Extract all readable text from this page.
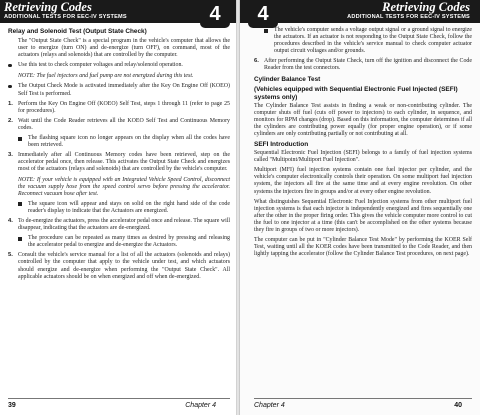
Retrieving Codes
ADDITIONAL TESTS FOR EEC-IV SYSTEMS	4
Relay and Solenoid Test (Output State Check)

The "Output State Check" is a special program in the vehicle's computer that allows the user to energize (turn ON) and de-energize (turn OFF), on command, most of the actuators (relays and solenoids) that are controlled by the computer.

Use this test to check computer voltages and relay/solenoid operation.

NOTE: The fuel injectors and fuel pump are not energized during this test.

The Output Check Mode is activated immediately after the Key On Engine Off (KOEO) Self Test is performed.
1. Perform the Key On Engine Off (KOEO) Self Test, steps 1 through 11 (refer to page 25 for procedures).
2. Wait until the Code Reader retrieves all the KOEO Self Test and Continuous Memory codes.
The flashing square icon no longer appears on the display when all the codes have been retrieved.
3. Immediately after all Continuous Memory codes have been retrieved, step on the accelerator pedal once, then release. This activates the Output State Check and energizes most of the actuators (relays and solenoids) that are controlled by the vehicle's computer.

NOTE: If your vehicle is equipped with an Integrated Vehicle Speed Control, disconnect the vacuum supply hose from the speed control servo before pressing the accelerator. Reconnect vacuum hose after test.

The square icon will appear and stays on solid on the right hand side of the code reader's display to indicate that the Actuators are energized.
4. To de-energize the actuators, press the accelerator pedal once and release. The square will disappear, indicating that the actuators are de-energized.
The procedure can be repeated as many times as desired by pressing and releasing the accelerator pedal to energize and de-energize the Actuators.
5. Consult the vehicle's service manual for a list of all the actuators (solenoids and relays) controlled by the computer that apply to the vehicle under test, and which actuators should energize and de-energize when performing the "Output State Check". All applicable actuators should be on when energized and off when de-energized.
39	Chapter 4
Retrieving Codes
ADDITIONAL TESTS FOR EEC-IV SYSTEMS
4
The vehicle's computer sends a voltage output signal or a ground signal to energize the actuators. If an actuator is not responding to the Output State Check, follow the procedures described in the vehicle's service manual to check computer actuator output circuit voltages and/or grounds.
6. After performing the Output State Check, turn off the ignition and disconnect the Code Reader from the test connectors.
Cylinder Balance Test
(Vehicles equipped with Sequential Electronic Fuel Injected (SEFI) systems only)

The Cylinder Balance Test assists in finding a weak or non-contributing cylinder. The computer shuts off fuel (cuts off power to injectors) to each cylinder, in sequence, and monitors for RPM changes (drop). Based on this information, the computer determines if all the cylinders are contributing power equally (for proper engine operation), or if some cylinders are only contributing partially or not contributing at all.

SEFI Introduction

Sequential Electronic Fuel Injection (SEFI) belongs to a family of fuel injection systems called "Multipoint/Multiport Fuel Injection".

Multiport (MFI) fuel injection systems contain one fuel injector per cylinder, and the vehicle's computer electronically controls their operation. On some multiport fuel injection system, the injectors all fire at the same time and at every engine revolution. On other systems the injectors fire in groups and/or at every other engine revolution.

What distinguishes Sequential Electronic Fuel Injection systems from other multiport fuel injection systems is that each injector is independently energized and fires sequentially one after the other in the proper firing order. This gives the vehicle computer more control to cut the fuel to one injector at a time (this can't be accomplished on the other systems because they fire in groups of two or more injectors).

The computer can be put in "Cylinder Balance Test Mode" by performing the KOER Self Test, waiting until all the KOER codes have been transmitted to the Code Reader, and then lightly tapping the accelerator (follow the Cylinder Balance Test procedures, on next page).

Chapter 4	40
